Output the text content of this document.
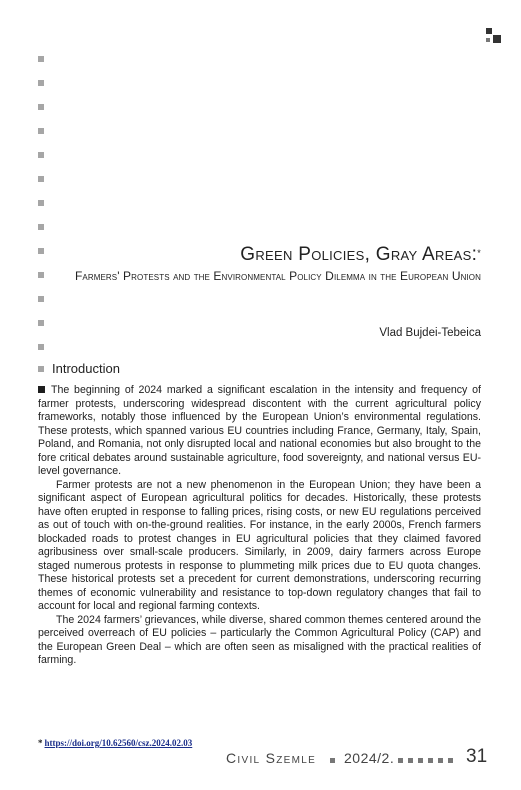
Green Policies, Gray Areas:*
Farmers' Protests and the Environmental Policy Dilemma in the European Union
Vlad Bujdei-Tebeica
Introduction

The beginning of 2024 marked a significant escalation in the intensity and frequency of farmer protests, underscoring widespread discontent with the current agricultural policy frameworks, notably those influenced by the European Union’s environmental regulations. These protests, which spanned various EU countries including France, Germany, Italy, Spain, Poland, and Romania, not only disrupted local and national economies but also brought to the fore critical debates around sustainable agriculture, food sovereignty, and national versus EU-level governance.

Farmer protests are not a new phenomenon in the European Union; they have been a significant aspect of European agricultural politics for decades. Historically, these protests have often erupted in response to falling prices, rising costs, or new EU regulations perceived as out of touch with on-the-ground realities. For instance, in the early 2000s, French farmers blockaded roads to protest changes in EU agricultural policies that they claimed favored agribusiness over small-scale producers. Similarly, in 2009, dairy farmers across Europe staged numerous protests in response to plummeting milk prices due to EU quota changes. These historical protests set a precedent for current demonstrations, underscoring recurring themes of economic vulnerability and resistance to top-down regulatory changes that fail to account for local and regional farming contexts.

The 2024 farmers’ grievances, while diverse, shared common themes centered around the perceived overreach of EU policies – particularly the Common Agricultural Policy (CAP) and the European Green Deal – which are often seen as misaligned with the practical realities of farming.

* https://doi.org/10.62560/csz.2024.02.03
Civil Szemle 2024/2.	31
